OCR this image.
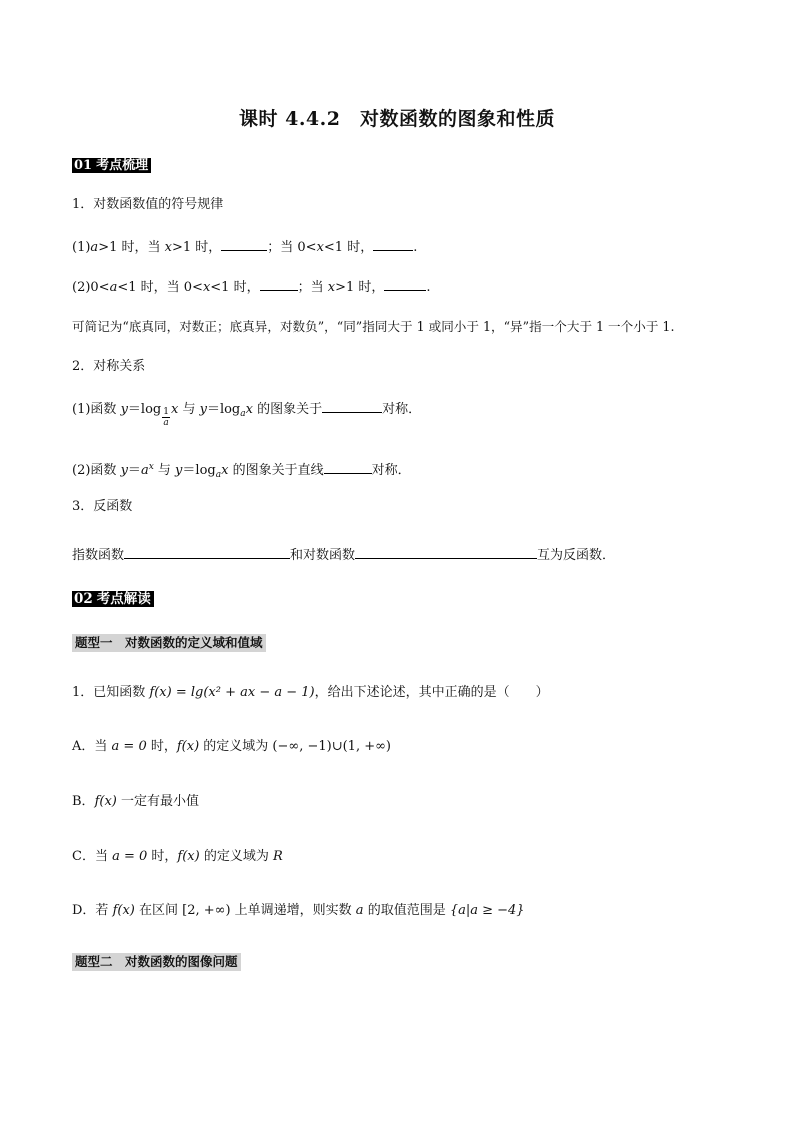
课时 4.4.2　对数函数的图象和性质
01 考点梳理
1．对数函数值的符号规律
(1)a>1 时，当 x>1 时，	；当 0<x<1 时，	.
(2)0<a<1 时，当 0<x<1 时，	；当 x>1 时，	.
可简记为“底真同，对数正；底真异，对数负”，“同”指同大于 1 或同小于 1，“异”指一个大于 1 一个小于 1.
2．对称关系
(1)函数 $y=\log \frac{1}{a}$ x 与 $y=\log_ax$ 的图象关于	对称．
(2)函数 $y=a^x$ 与 $y=\log_ax$ 的图象关于直线	对称．
3．反函数
指数函数	和对数函数	互为反函数．
02 考点解读
题型一　对数函数的定义域和值域
1．已知函数 f(x) = lg(x² + ax − a − 1)，给出下述论述，其中正确的是（　　）
A．当 a = 0 时，f(x) 的定义域为 (−∞, −1)∪(1, +∞)
B．f(x) 一定有最小值
C．当 a = 0 时，f(x) 的定义域为 R
D．若 f(x) 在区间 [2, +∞) 上单调递增，则实数 a 的取值范围是 {a|a ≥ −4}
题型二　对数函数的图像问题
